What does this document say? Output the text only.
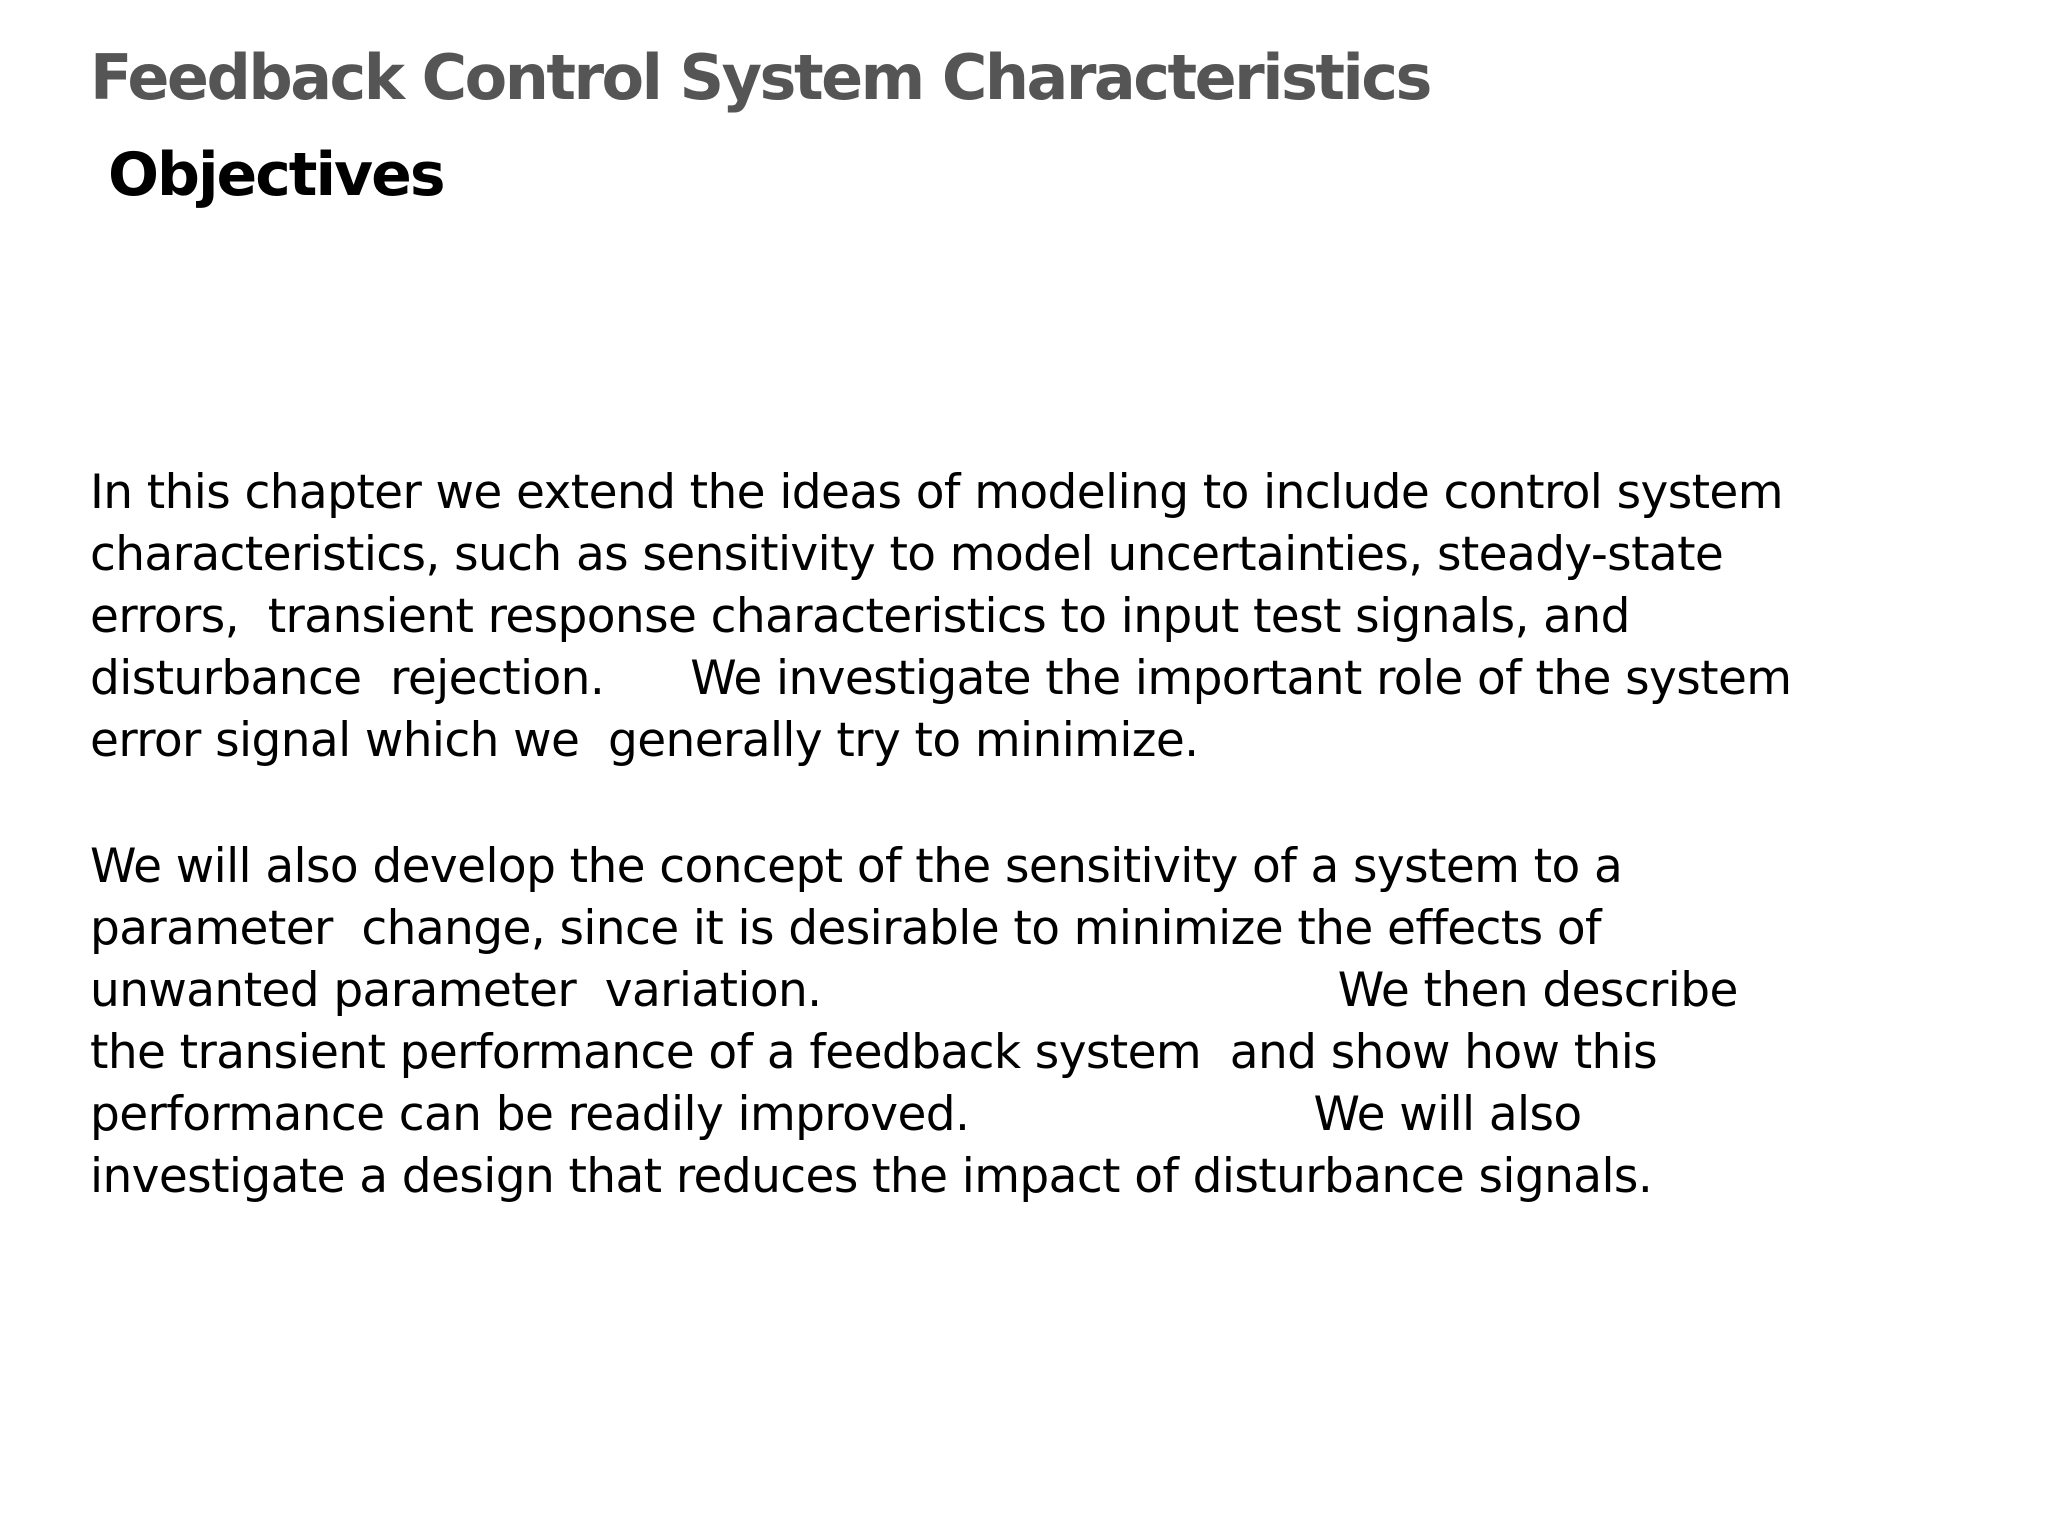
Feedback Control System Characteristics
Objectives
In this chapter we extend the ideas of modeling to include control system
characteristics, such as sensitivity to model uncertainties, steady-state
errors,  transient response characteristics to input test signals, and
disturbance  rejection.      We investigate the important role of the system
error signal which we  generally try to minimize.
We will also develop the concept of the sensitivity of a system to a
parameter  change, since it is desirable to minimize the effects of
unwanted parameter  variation.                                    We then describe
the transient performance of a feedback system  and show how this
performance can be readily improved.                        We will also
investigate a design that reduces the impact of disturbance signals.
